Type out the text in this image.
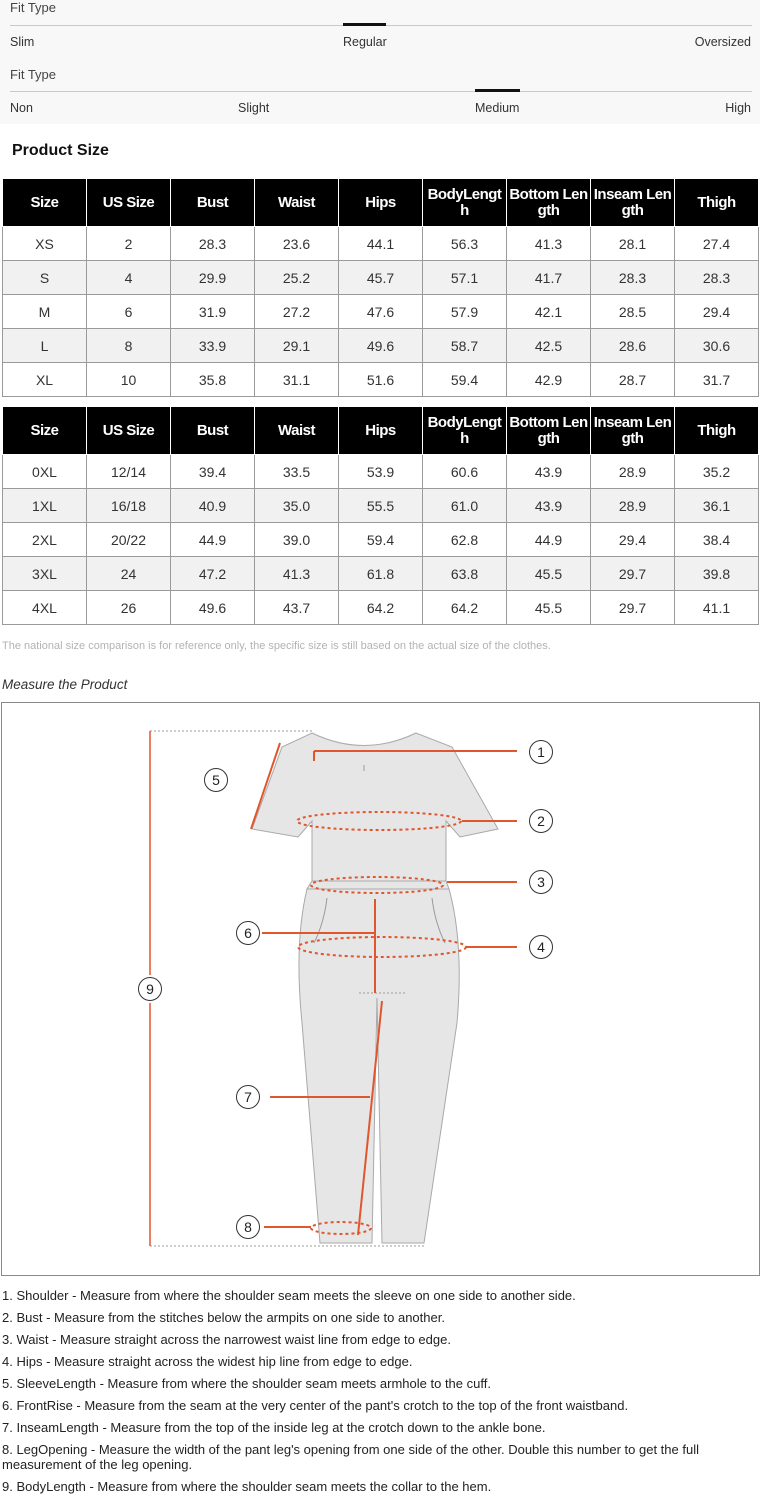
Fit Type
Slim	Regular	Oversized
Fit Type
Non	Slight	Medium	High
Product Size
Size	US Size	Bust	Waist	Hips	BodyLength	Bottom Length	Inseam Length	Thigh

XS	2	28.3	23.6	44.1	56.3	41.3	28.1	27.4
S	4	29.9	25.2	45.7	57.1	41.7	28.3	28.3
M	6	31.9	27.2	47.6	57.9	42.1	28.5	29.4
L	8	33.9	29.1	49.6	58.7	42.5	28.6	30.6
XL	10	35.8	31.1	51.6	59.4	42.9	28.7	31.7
Size	US Size	Bust	Waist	Hips	BodyLength	Bottom Length	Inseam Length	Thigh

0XL	12/14	39.4	33.5	53.9	60.6	43.9	28.9	35.2
1XL	16/18	40.9	35.0	55.5	61.0	43.9	28.9	36.1
2XL	20/22	44.9	39.0	59.4	62.8	44.9	29.4	38.4
3XL	24	47.2	41.3	61.8	63.8	45.5	29.7	39.8
4XL	26	49.6	43.7	64.2	64.2	45.5	29.7	41.1
The national size comparison is for reference only, the specific size is still based on the actual size of the clothes.
Measure the Product
1
2
3
4
5
6
7
8
9

1. Shoulder - Measure from where the shoulder seam meets the sleeve on one side to another side.

2. Bust - Measure from the stitches below the armpits on one side to another.

3. Waist - Measure straight across the narrowest waist line from edge to edge.

4. Hips - Measure straight across the widest hip line from edge to edge.

5. SleeveLength - Measure from where the shoulder seam meets armhole to the cuff.

6. FrontRise - Measure from the seam at the very center of the pant's crotch to the top of the front waistband.

7. InseamLength - Measure from the top of the inside leg at the crotch down to the ankle bone.

8. LegOpening - Measure the width of the pant leg's opening from one side of the other. Double this number to get the full measurement of the leg opening.

9. BodyLength - Measure from where the shoulder seam meets the collar to the hem.
